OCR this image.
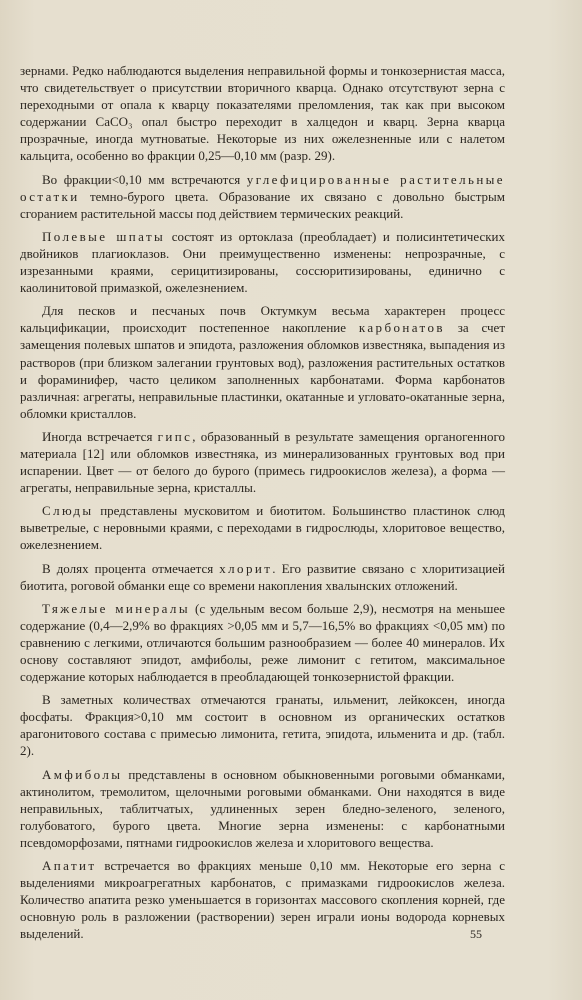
зернами. Редко наблюдаются выделения неправильной формы и тонкозернистая масса, что свидетельствует о присутствии вторичного кварца. Однако отсутствуют зерна с переходными от опала к кварцу показателями преломления, так как при высоком содержании CaCO₃ опал быстро переходит в халцедон и кварц. Зерна кварца прозрачные, иногда мутноватые. Некоторые из них ожелезненные или с налетом кальцита, особенно во фракции 0,25—0,10 мм (разр. 29).

Во фракции<0,10 мм встречаются углефицированные растительные остатки темно-бурого цвета. Образование их связано с довольно быстрым сгоранием растительной массы под действием термических реакций.

Полевые шпаты состоят из ортоклаза (преобладает) и полисинтетических двойников плагиоклазов. Они преимущественно изменены: непрозрачные, с изрезанными краями, серицитизированы, соссюритизированы, единично с каолинитовой примазкой, ожелезнением.

Для песков и песчаных почв Октумкум весьма характерен процесс кальцификации, происходит постепенное накопление карбонатов за счет замещения полевых шпатов и эпидота, разложения обломков известняка, выпадения из растворов (при близком залегании грунтовых вод), разложения растительных остатков и фораминифер, часто целиком заполненных карбонатами. Форма карбонатов различная: агрегаты, неправильные пластинки, окатанные и угловато-окатанные зерна, обломки кристаллов.

Иногда встречается гипс, образованный в результате замещения органогенного материала [12] или обломков известняка, из минерализованных грунтовых вод при испарении. Цвет — от белого до бурого (примесь гидроокислов железа), а форма — агрегаты, неправильные зерна, кристаллы.

Слюды представлены мусковитом и биотитом. Большинство пластинок слюд выветрелые, с неровными краями, с переходами в гидрослюды, хлоритовое вещество, ожелезнением.

В долях процента отмечается хлорит. Его развитие связано с хлоритизацией биотита, роговой обманки еще со времени накопления хвалынских отложений.

Тяжелые минералы (с удельным весом больше 2,9), несмотря на меньшее содержание (0,4—2,9% во фракциях >0,05 мм и 5,7—16,5% во фракциях <0,05 мм) по сравнению с легкими, отличаются большим разнообразием — более 40 минералов. Их основу составляют эпидот, амфиболы, реже лимонит с гетитом, максимальное содержание которых наблюдается в преобладающей тонкозернистой фракции.

В заметных количествах отмечаются гранаты, ильменит, лейкоксен, иногда фосфаты. Фракция>0,10 мм состоит в основном из органических остатков арагонитового состава с примесью лимонита, гетита, эпидота, ильменита и др. (табл. 2).

Амфиболы представлены в основном обыкновенными роговыми обманками, актинолитом, тремолитом, щелочными роговыми обманками. Они находятся в виде неправильных, таблитчатых, удлиненных зерен бледно-зеленого, зеленого, голубоватого, бурого цвета. Многие зерна изменены: с карбонатными псевдоморфозами, пятнами гидроокислов железа и хлоритового вещества.

Апатит встречается во фракциях меньше 0,10 мм. Некоторые его зерна с выделениями микроагрегатных карбонатов, с примазками гидроокислов железа. Количество апатита резко уменьшается в горизонтах массового скопления корней, где основную роль в разложении (растворении) зерен играли ионы водорода корневых выделений.	55
